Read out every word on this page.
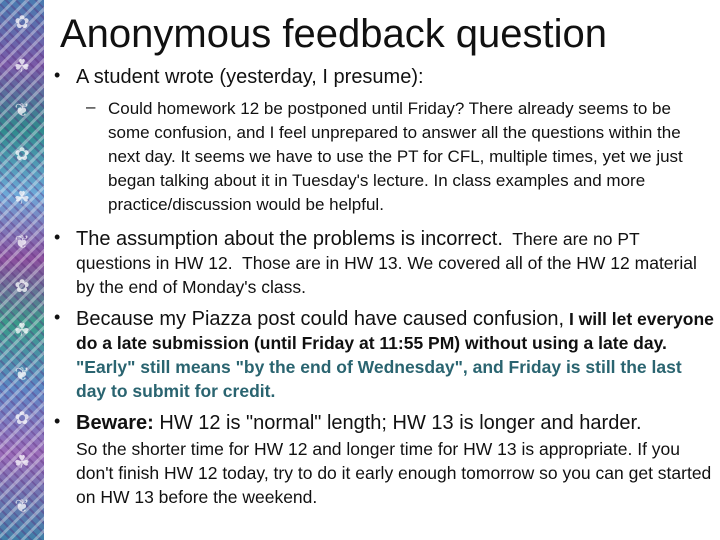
✿
☘
❦
✿
☘
❦
✿
☘
❦
✿
☘
❦
Anonymous feedback question
• A student wrote (yesterday, I presume):
– Could homework 12 be postponed until Friday? There already seems to be some confusion, and I feel unprepared to answer all the questions within the next day. It seems we have to use the PT for CFL, multiple times, yet we just began talking about it in Tuesday's lecture. In class examples and more practice/discussion would be helpful.
• The assumption about the problems is incorrect.  There are no PT questions in HW 12.  Those are in HW 13. We covered all of the HW 12 material by the end of Monday's class.
• Because my Piazza post could have caused confusion, I will let everyone do a late submission (until Friday at 11:55 PM) without using a late day.  "Early" still means "by the end of Wednesday", and Friday is still the last day to submit for credit.
• Beware: HW 12 is "normal" length; HW 13 is longer and harder.
So the shorter time for HW 12 and longer time for HW 13 is appropriate. If you don't finish HW 12 today, try to do it early enough tomorrow so you can get started on HW 13 before the weekend.
